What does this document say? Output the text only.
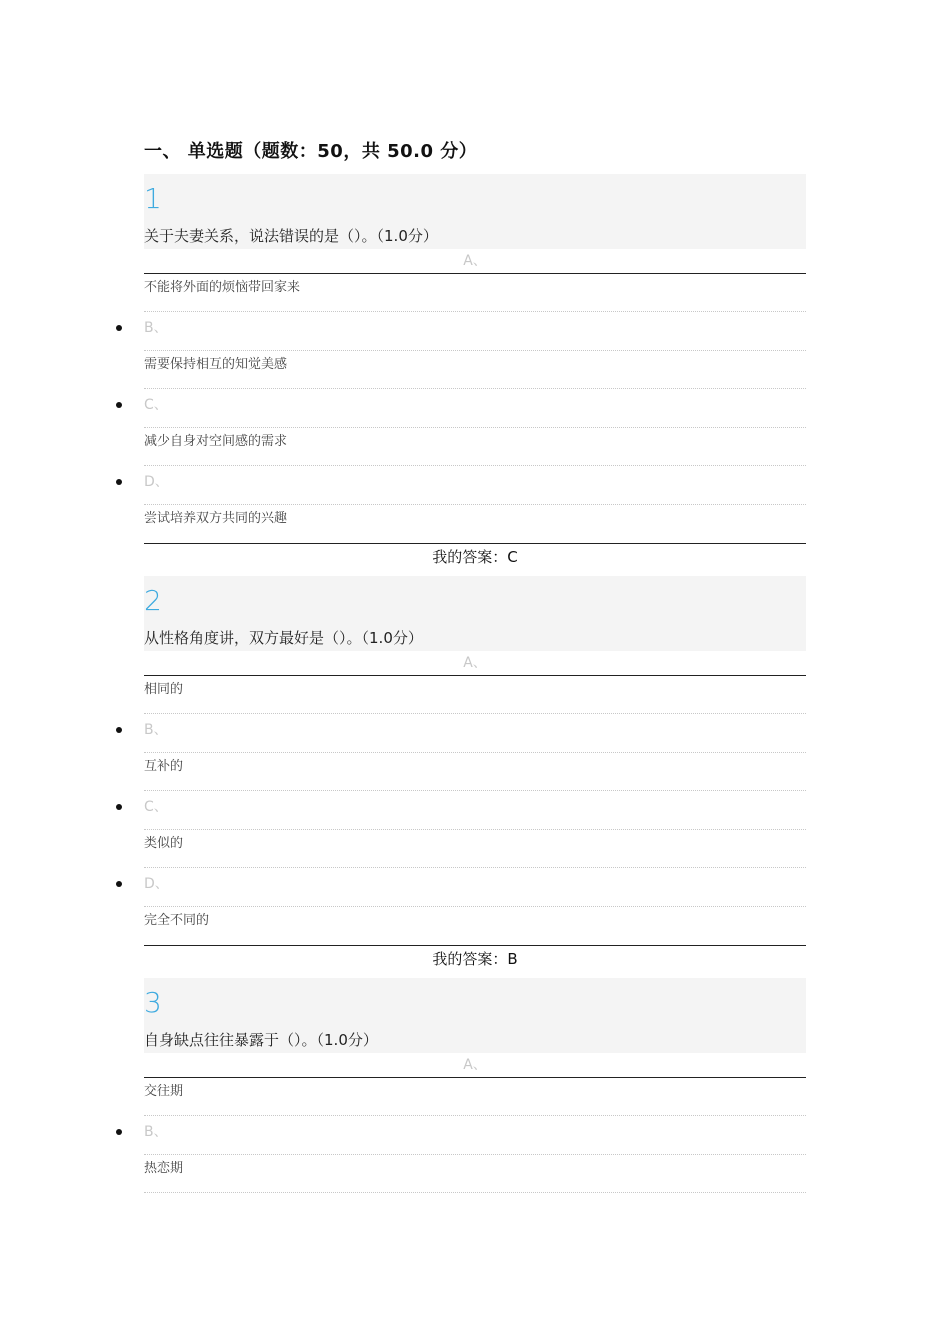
一、 单选题（题数：50，共 50.0 分）
1
关于夫妻关系，说法错误的是（）。（1.0分）
A、
不能将外面的烦恼带回家来
B、
需要保持相互的知觉美感
C、
减少自身对空间感的需求
D、
尝试培养双方共同的兴趣
我的答案：C
2
从性格角度讲，双方最好是（）。（1.0分）
A、
相同的
B、
互补的
C、
类似的
D、
完全不同的
我的答案：B
3
自身缺点往往暴露于（）。（1.0分）
A、
交往期
B、
热恋期
